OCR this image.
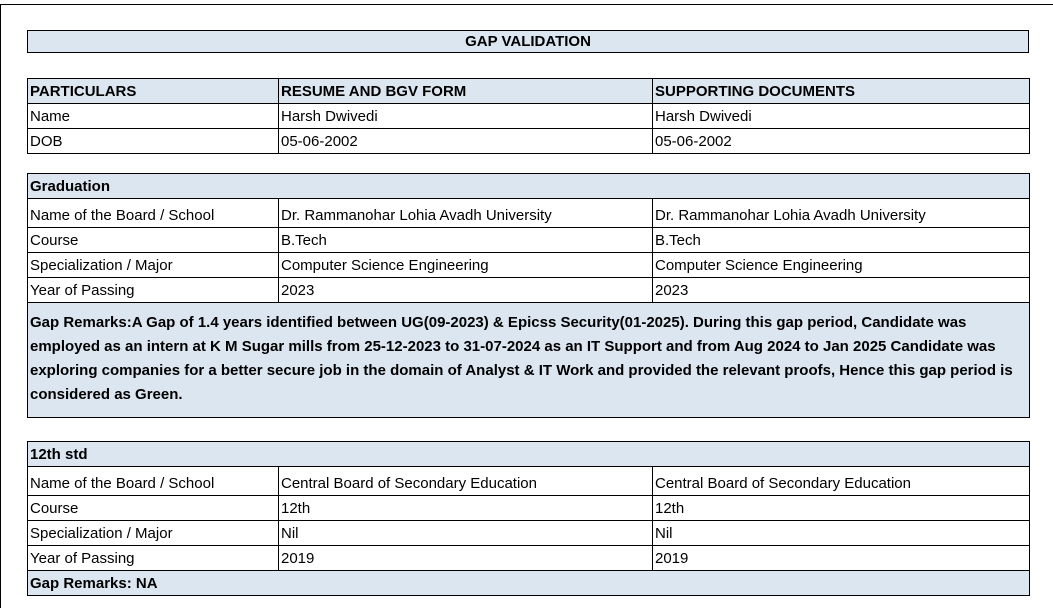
GAP VALIDATION
PARTICULARS	RESUME AND BGV FORM	SUPPORTING DOCUMENTS
Name	Harsh Dwivedi	Harsh Dwivedi
DOB	05-06-2002	05-06-2002
Graduation		
Name of the Board / School	Dr. Rammanohar Lohia Avadh University	Dr. Rammanohar Lohia Avadh University
Course	B.Tech	B.Tech
Specialization / Major	Computer Science Engineering	Computer Science Engineering
Year of Passing	2023	2023
Gap Remarks:A Gap of 1.4 years identified between UG(09-2023) & Epicss Security(01-2025). During this gap period, Candidate was employed as an intern at K M Sugar mills from 25-12-2023 to 31-07-2024 as an IT Support and from Aug 2024 to Jan 2025 Candidate was exploring companies for a better secure job in the domain of Analyst & IT Work and provided the relevant proofs, Hence this gap period is considered as Green.		
12th std		
Name of the Board / School	Central Board of Secondary Education	Central Board of Secondary Education
Course	12th	12th
Specialization / Major	Nil	Nil
Year of Passing	2019	2019
Gap Remarks: NA		
